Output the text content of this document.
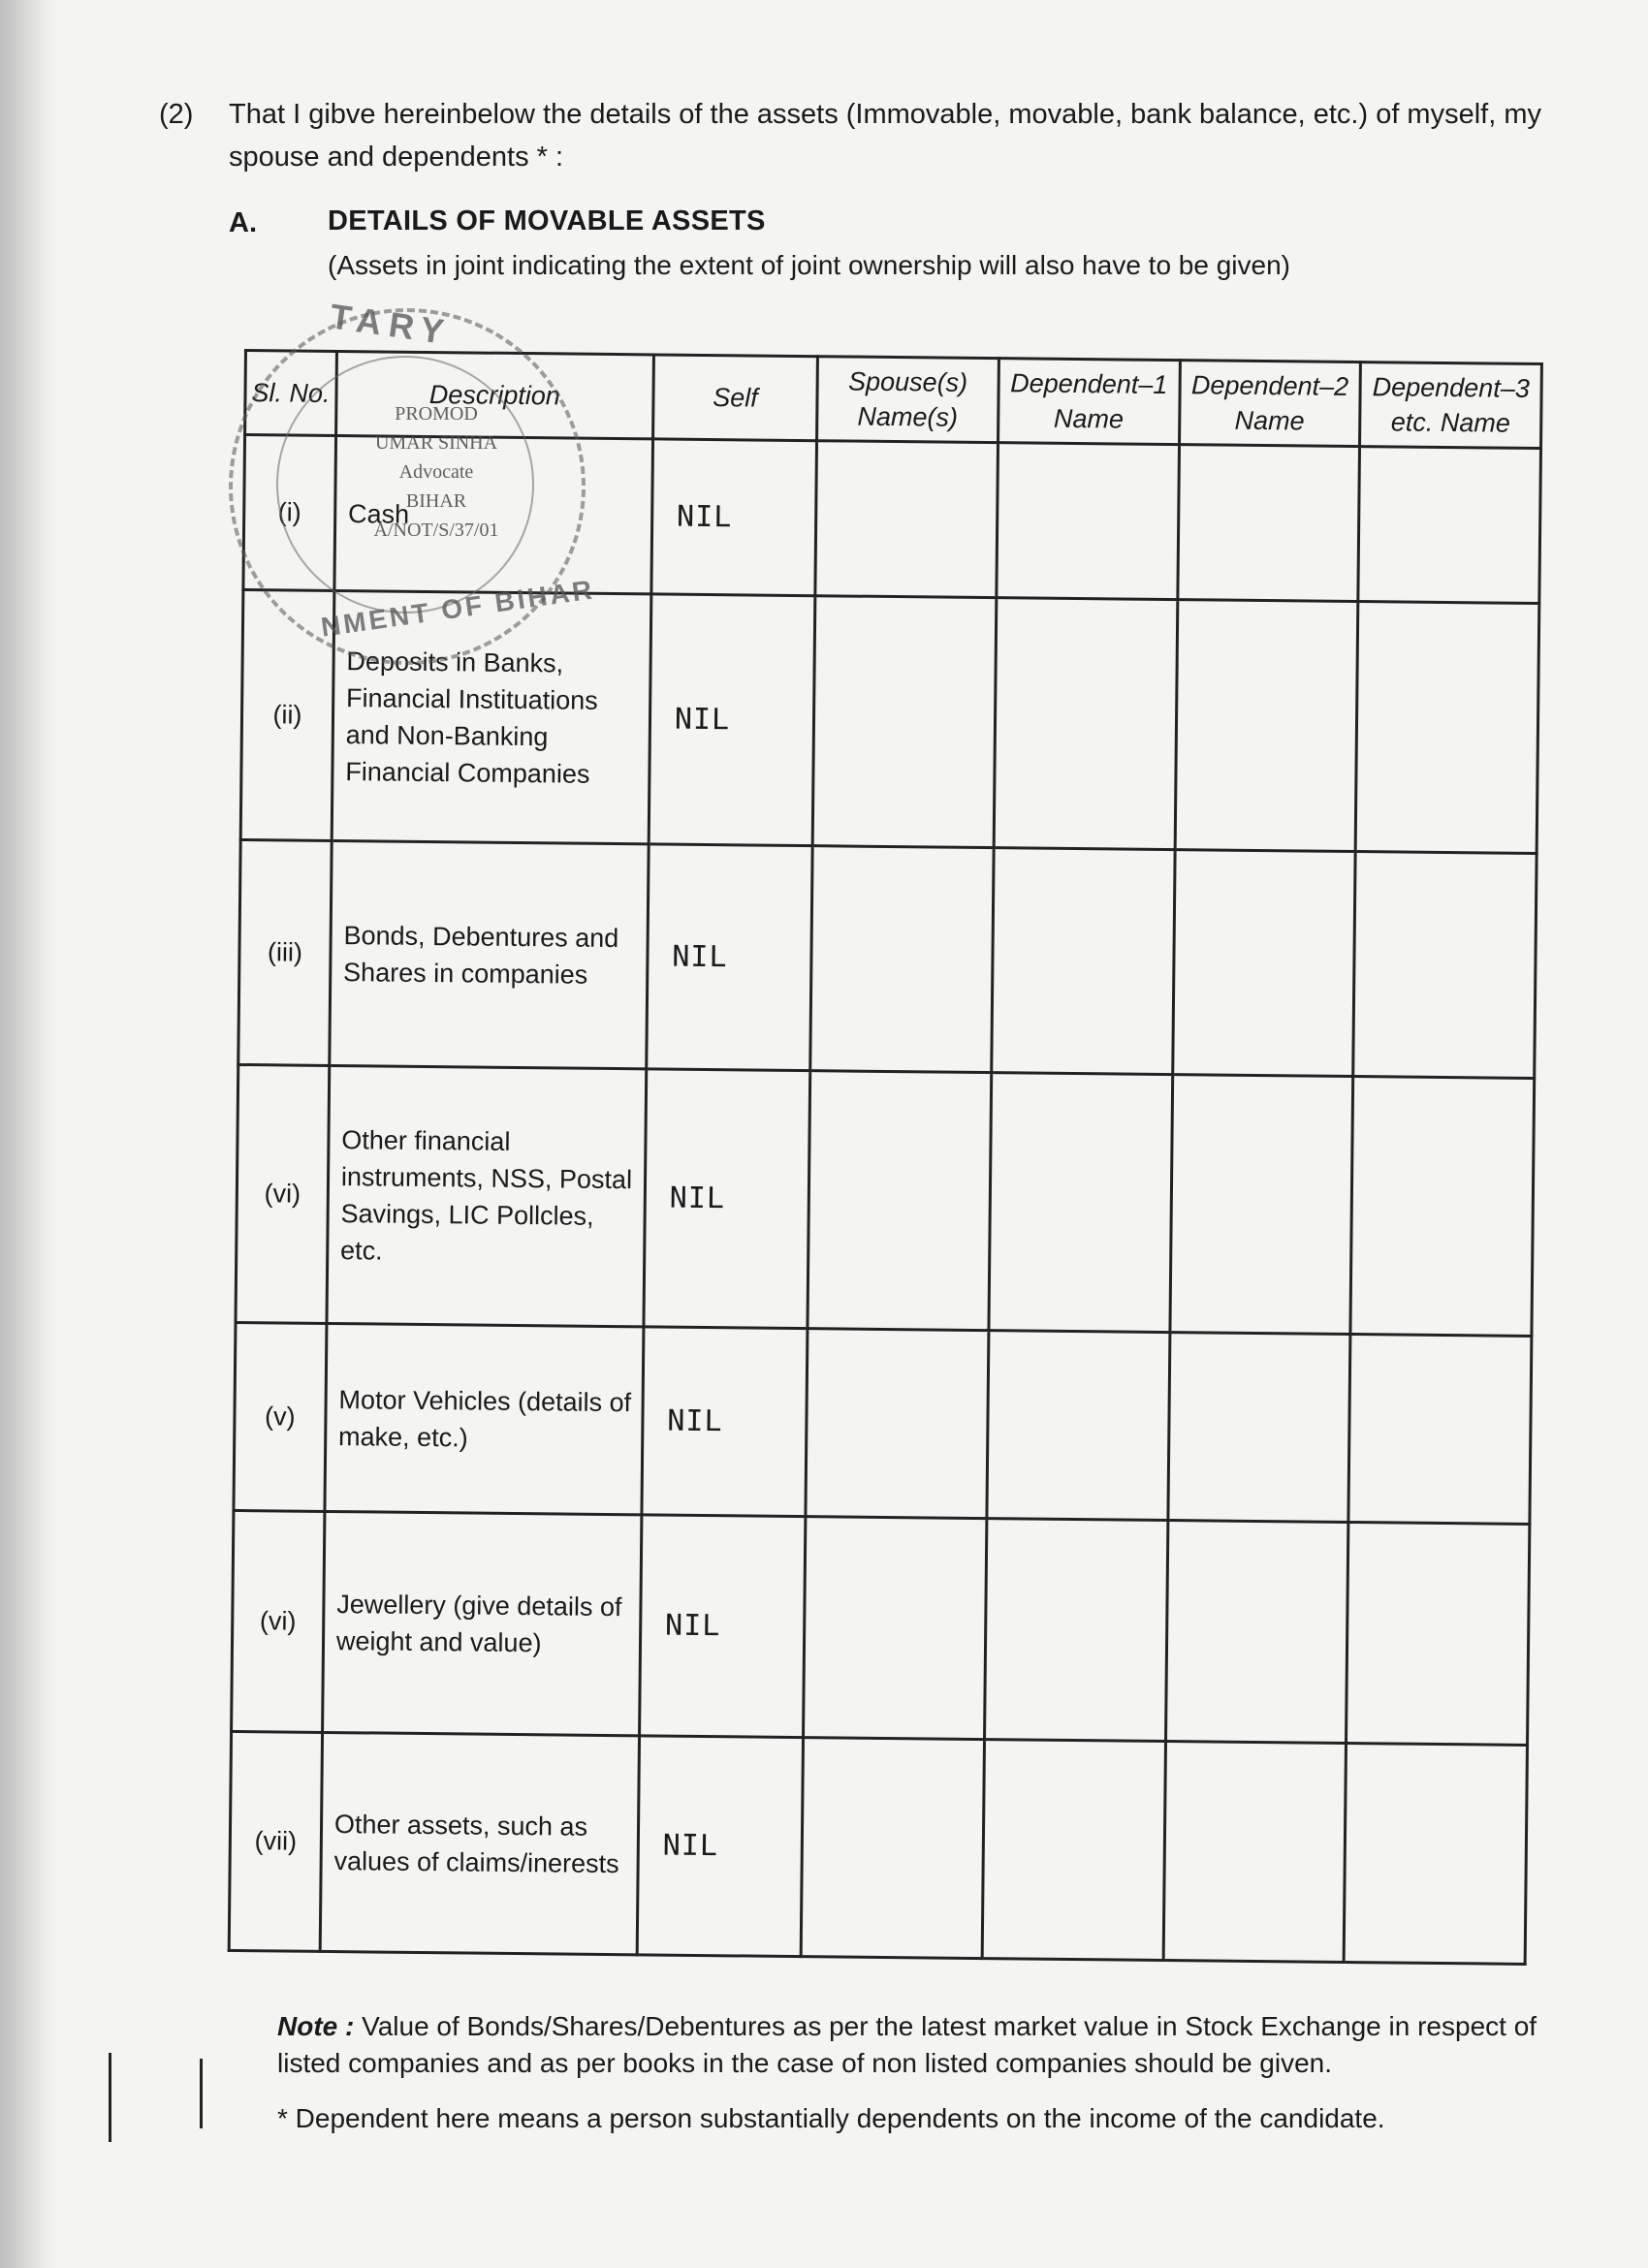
(2) That I gibve hereinbelow the details of the assets (Immovable, movable, bank balance, etc.) of myself, my spouse and dependents * :
A.	DETAILS OF MOVABLE ASSETS
(Assets in joint indicating the extent of joint ownership will also have to be given)
Sl. No.	Description	Self	Spouse(s) Name(s)	Dependent–1 Name	Dependent–2 Name	Dependent–3 etc. Name
(i)	Cash	NIL				
(ii)	Deposits in Banks, Financial Instituations and Non-Banking Financial Companies	NIL				
(iii)	Bonds, Debentures and Shares in companies	NIL				
(vi)	Other financial instruments, NSS, Postal Savings, LIC Pollcles, etc.	NIL				
(v)	Motor Vehicles (details of make, etc.)	NIL				
(vi)	Jewellery (give details of weight and value)	NIL				
(vii)	Other assets, such as values of claims/inerests	NIL				
TARY
PROMOD
UMAR SINHA
Advocate
BIHAR
A/NOT/S/37/01
NMENT OF BIHAR
Note : Value of Bonds/Shares/Debentures as per the latest market value in Stock Exchange in respect of listed companies and as per books in the case of non listed companies should be given.
* Dependent here means a person substantially dependents on the income of the candidate.
